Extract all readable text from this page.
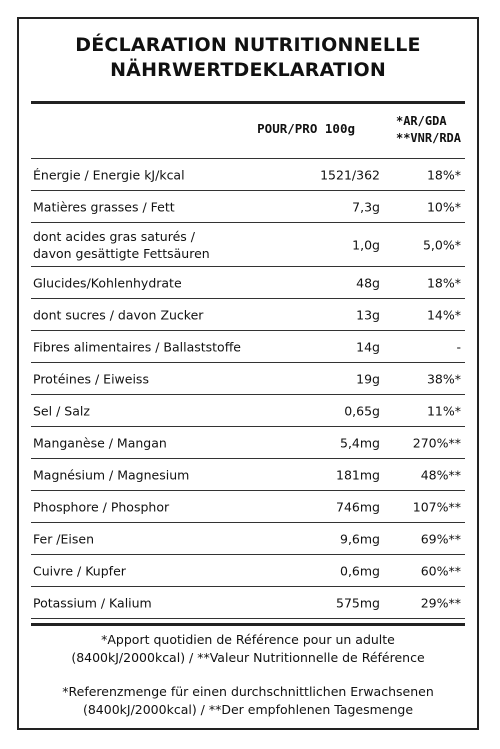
DÉCLARATION NUTRITIONNELLE
NÄHRWERTDEKLARATION
POUR/PRO 100g	*AR/GDA
**VNR/RDA
Énergie / Energie kJ/kcal	1521/362	18%*
Matières grasses / Fett	7,3g	10%*
dont acides gras saturés /
davon gesättigte Fettsäuren
1,0g	5,0%*
Glucides/Kohlenhydrate	48g	18%*
dont sucres / davon Zucker	13g	14%*
Fibres alimentaires / Ballaststoffe	14g	-
Protéines / Eiweiss	19g	38%*
Sel / Salz	0,65g	11%*
Manganèse / Mangan	5,4mg	270%**
Magnésium / Magnesium	181mg	48%**
Phosphore / Phosphor	746mg	107%**
Fer /Eisen	9,6mg	69%**
Cuivre / Kupfer	0,6mg	60%**
Potassium / Kalium	575mg	29%**
*Apport quotidien de Référence pour un adulte
(8400kJ/2000kcal) / **Valeur Nutritionnelle de Référence
*Referenzmenge für einen durchschnittlichen Erwachsenen
(8400kJ/2000kcal) / **Der empfohlenen Tagesmenge
